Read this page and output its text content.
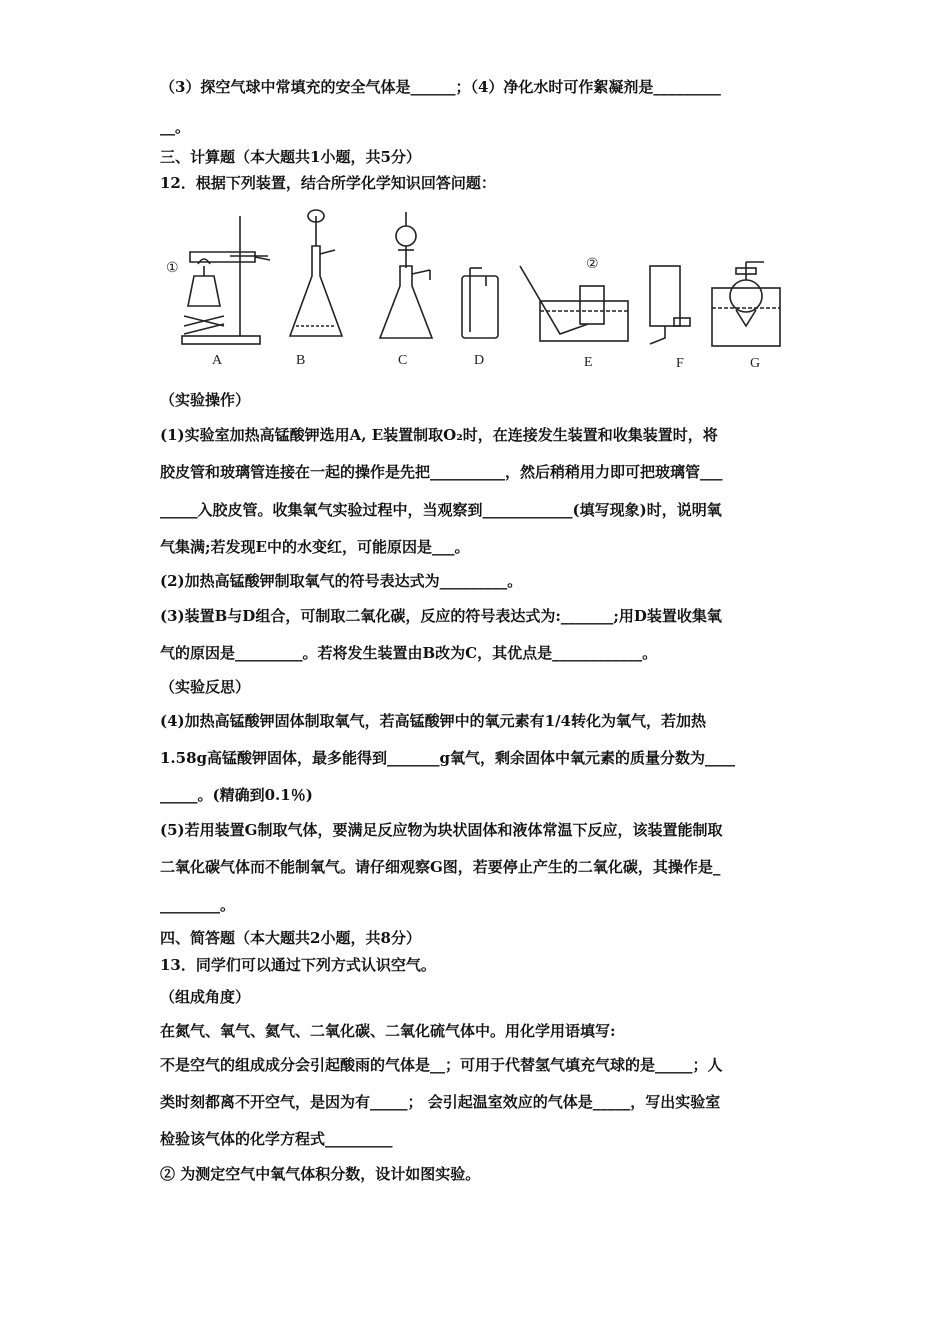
（3）探空气球中常填充的安全气体是______；（4）净化水时可作絮凝剂是_________
__。
三、计算题（本大题共1小题，共5分）
12．根据下列装置，结合所学化学知识回答问题：
①	②
A	B	C	D	E	F	G
（实验操作）
(1)实验室加热高锰酸钾选用A, E装置制取O₂时，在连接发生装置和收集装置时，将
胶皮管和玻璃管连接在一起的操作是先把__________，然后稍稍用力即可把玻璃管___
_____入胶皮管。收集氧气实验过程中，当观察到____________(填写现象)时，说明氧
气集满;若发现E中的水变红，可能原因是___。
(2)加热高锰酸钾制取氧气的符号表达式为_________。
(3)装置B与D组合，可制取二氧化碳，反应的符号表达式为:_______;用D装置收集氧
气的原因是_________。若将发生装置由B改为C，其优点是____________。
（实验反思）
(4)加热高锰酸钾固体制取氧气，若高锰酸钾中的氧元素有1/4转化为氧气，若加热
1.58g高锰酸钾固体，最多能得到_______g氧气，剩余固体中氧元素的质量分数为____
_____。(精确到0.1％)
(5)若用装置G制取气体，要满足反应物为块状固体和液体常温下反应，该装置能制取
二氧化碳气体而不能制氧气。请仔细观察G图，若要停止产生的二氧化碳，其操作是_
________。
四、简答题（本大题共2小题，共8分）
13．同学们可以通过下列方式认识空气。
（组成角度）
在氮气、氧气、氦气、二氧化碳、二氧化硫气体中。用化学用语填写:
不是空气的组成成分会引起酸雨的气体是__；可用于代替氢气填充气球的是_____；人
类时刻都离不开空气，是因为有_____； 会引起温室效应的气体是_____，写出实验室
检验该气体的化学方程式_________
② 为测定空气中氧气体积分数，设计如图实验。
